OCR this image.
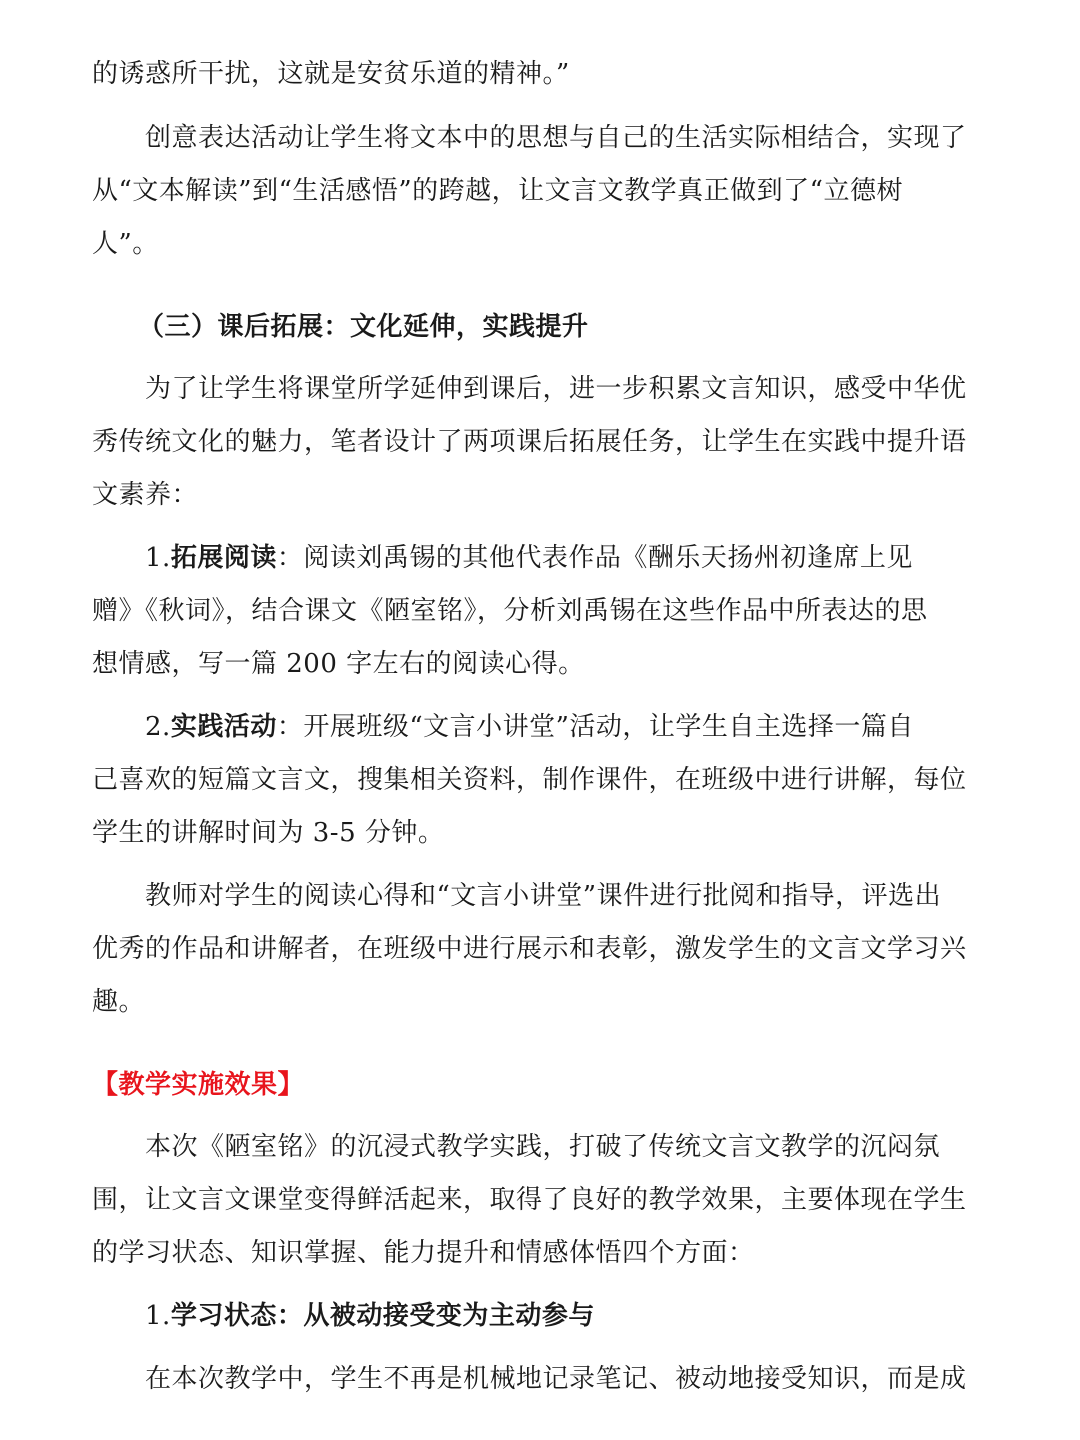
的诱惑所干扰，这就是安贫乐道的精神。”
创意表达活动让学生将文本中的思想与自己的生活实际相结合，实现了
从“文本解读”到“生活感悟”的跨越，让文言文教学真正做到了“立德树
人”。
（三）课后拓展：文化延伸，实践提升
为了让学生将课堂所学延伸到课后，进一步积累文言知识，感受中华优
秀传统文化的魅力，笔者设计了两项课后拓展任务，让学生在实践中提升语
文素养：
1.拓展阅读：阅读刘禹锡的其他代表作品《酬乐天扬州初逢席上见
赠》《秋词》，结合课文《陋室铭》，分析刘禹锡在这些作品中所表达的思
想情感，写一篇 200 字左右的阅读心得。
2.实践活动：开展班级“文言小讲堂”活动，让学生自主选择一篇自
己喜欢的短篇文言文，搜集相关资料，制作课件，在班级中进行讲解，每位
学生的讲解时间为 3-5 分钟。
教师对学生的阅读心得和“文言小讲堂”课件进行批阅和指导，评选出
优秀的作品和讲解者，在班级中进行展示和表彰，激发学生的文言文学习兴
趣。
【教学实施效果】
本次《陋室铭》的沉浸式教学实践，打破了传统文言文教学的沉闷氛
围，让文言文课堂变得鲜活起来，取得了良好的教学效果，主要体现在学生
的学习状态、知识掌握、能力提升和情感体悟四个方面：
1.学习状态：从被动接受变为主动参与
在本次教学中，学生不再是机械地记录笔记、被动地接受知识，而是成
